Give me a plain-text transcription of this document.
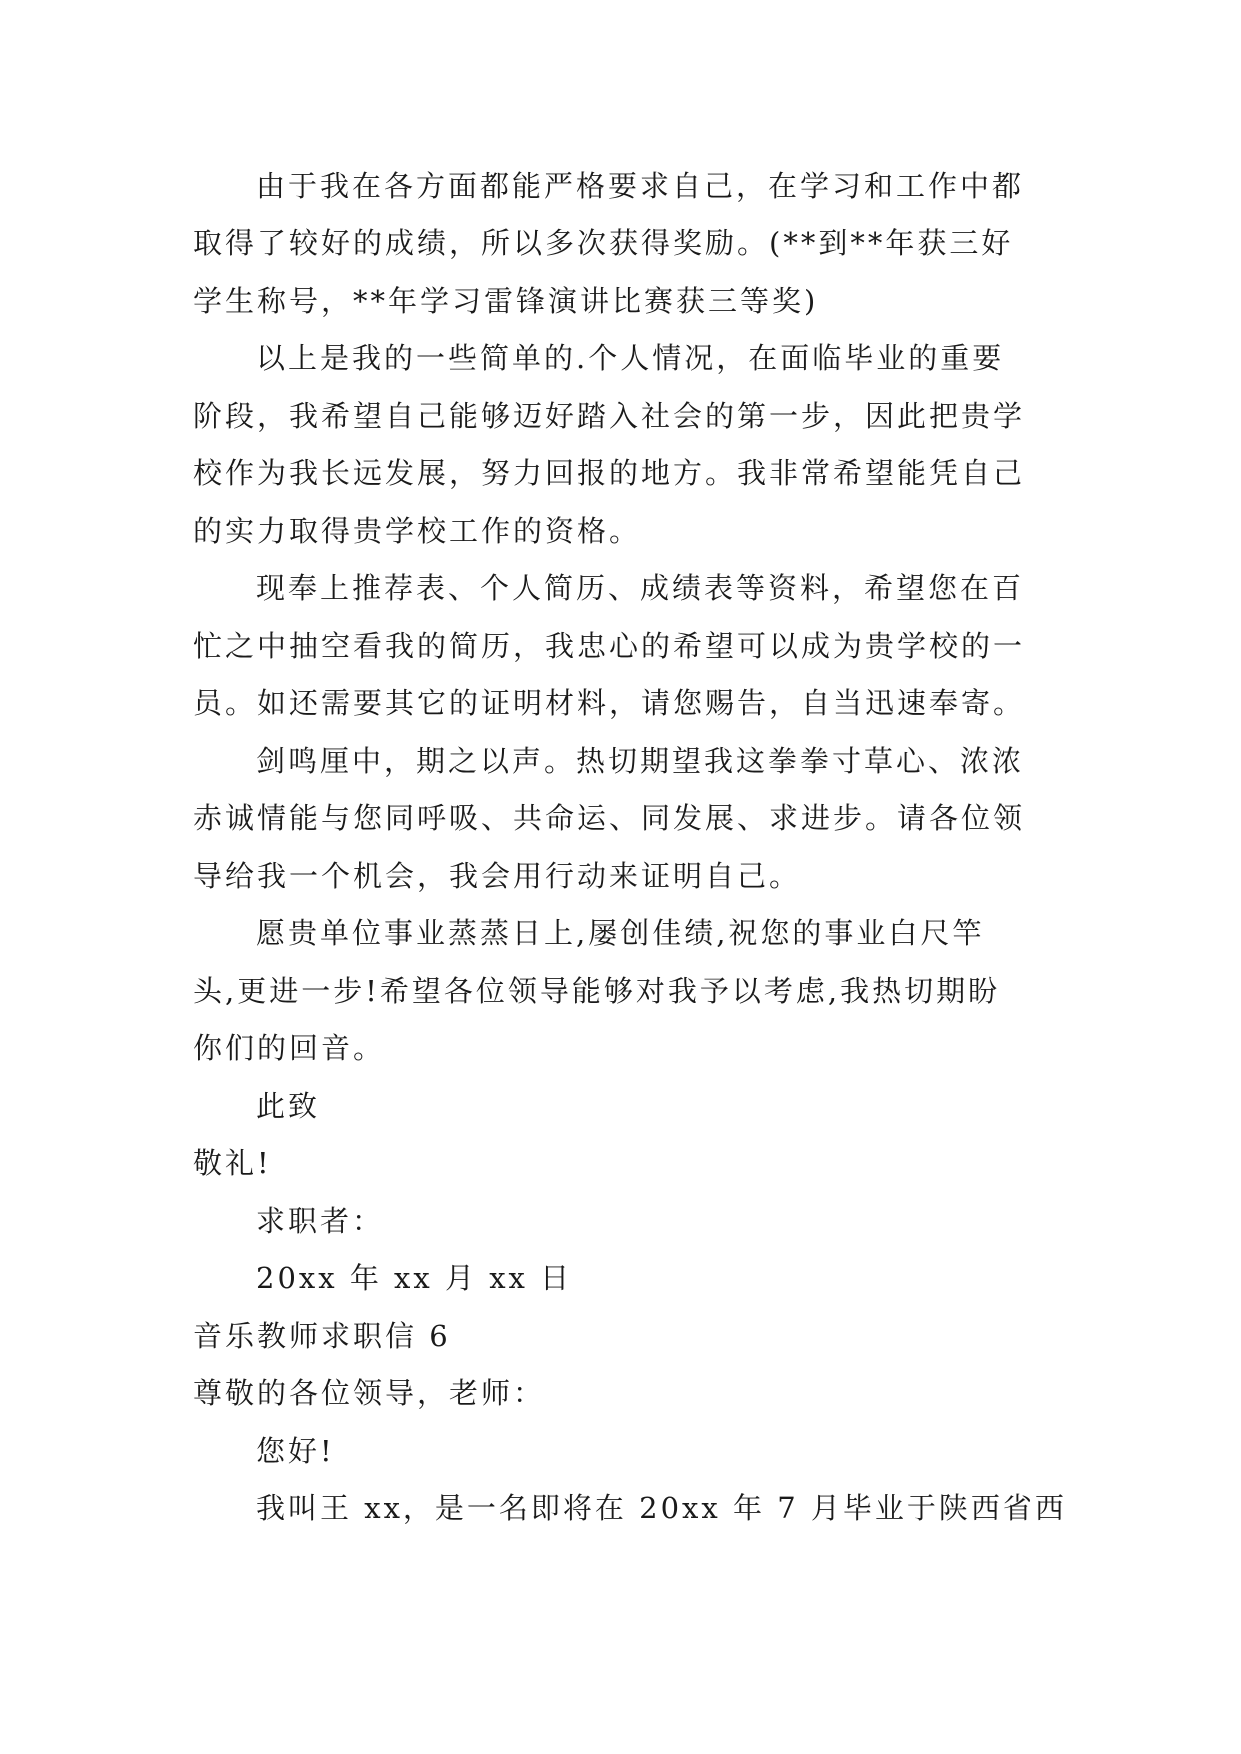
由于我在各方面都能严格要求自己，在学习和工作中都
取得了较好的成绩，所以多次获得奖励。(**到**年获三好
学生称号，**年学习雷锋演讲比赛获三等奖)
以上是我的一些简单的.个人情况，在面临毕业的重要
阶段，我希望自己能够迈好踏入社会的第一步，因此把贵学
校作为我长远发展，努力回报的地方。我非常希望能凭自己
的实力取得贵学校工作的资格。
现奉上推荐表、个人简历、成绩表等资料，希望您在百
忙之中抽空看我的简历，我忠心的希望可以成为贵学校的一
员。如还需要其它的证明材料，请您赐告，自当迅速奉寄。
剑鸣厘中，期之以声。热切期望我这拳拳寸草心、浓浓
赤诚情能与您同呼吸、共命运、同发展、求进步。请各位领
导给我一个机会，我会用行动来证明自己。
愿贵单位事业蒸蒸日上,屡创佳绩,祝您的事业白尺竿
头,更进一步!希望各位领导能够对我予以考虑,我热切期盼
你们的回音。
此致
敬礼!
求职者：
20xx 年 xx 月 xx 日
音乐教师求职信 6
尊敬的各位领导，老师：
您好!
我叫王 xx，是一名即将在 20xx 年 7 月毕业于陕西省西
